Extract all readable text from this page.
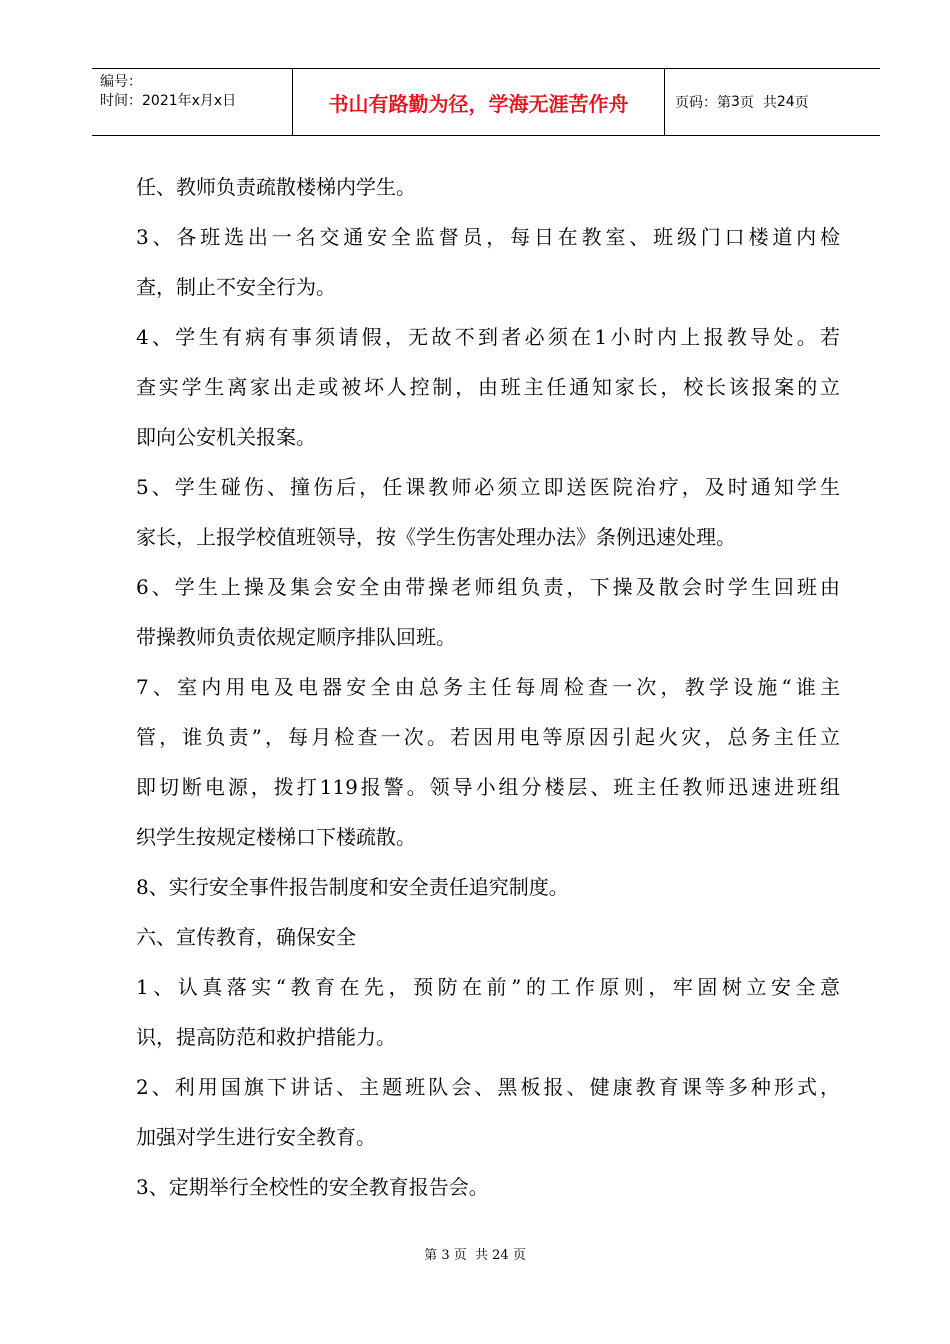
编号：
时间：2021年x月x日	书山有路勤为径，学海无涯苦作舟	页码：第 3 页  共 24 页
任、教师负责疏散楼梯内学生。
3、各班选出一名交通安全监督员，每日在教室、班级门口楼道内检
查，制止不安全行为。
4、学生有病有事须请假，无故不到者必须在1小时内上报教导处。若
查实学生离家出走或被坏人控制，由班主任通知家长，校长该报案的立
即向公安机关报案。
5、学生碰伤、撞伤后，任课教师必须立即送医院治疗，及时通知学生
家长，上报学校值班领导，按《学生伤害处理办法》条例迅速处理。
6、学生上操及集会安全由带操老师组负责，下操及散会时学生回班由
带操教师负责依规定顺序排队回班。
7、室内用电及电器安全由总务主任每周检查一次，教学设施“谁主
管，谁负责”，每月检查一次。若因用电等原因引起火灾，总务主任立
即切断电源，拨打119报警。领导小组分楼层、班主任教师迅速进班组
织学生按规定楼梯口下楼疏散。
8、实行安全事件报告制度和安全责任追究制度。
六、宣传教育，确保安全
1、认真落实“教育在先，预防在前”的工作原则，牢固树立安全意
识，提高防范和救护措能力。
2、利用国旗下讲话、主题班队会、黑板报、健康教育课等多种形式，
加强对学生进行安全教育。
3、定期举行全校性的安全教育报告会。
第 3 页  共 24 页
